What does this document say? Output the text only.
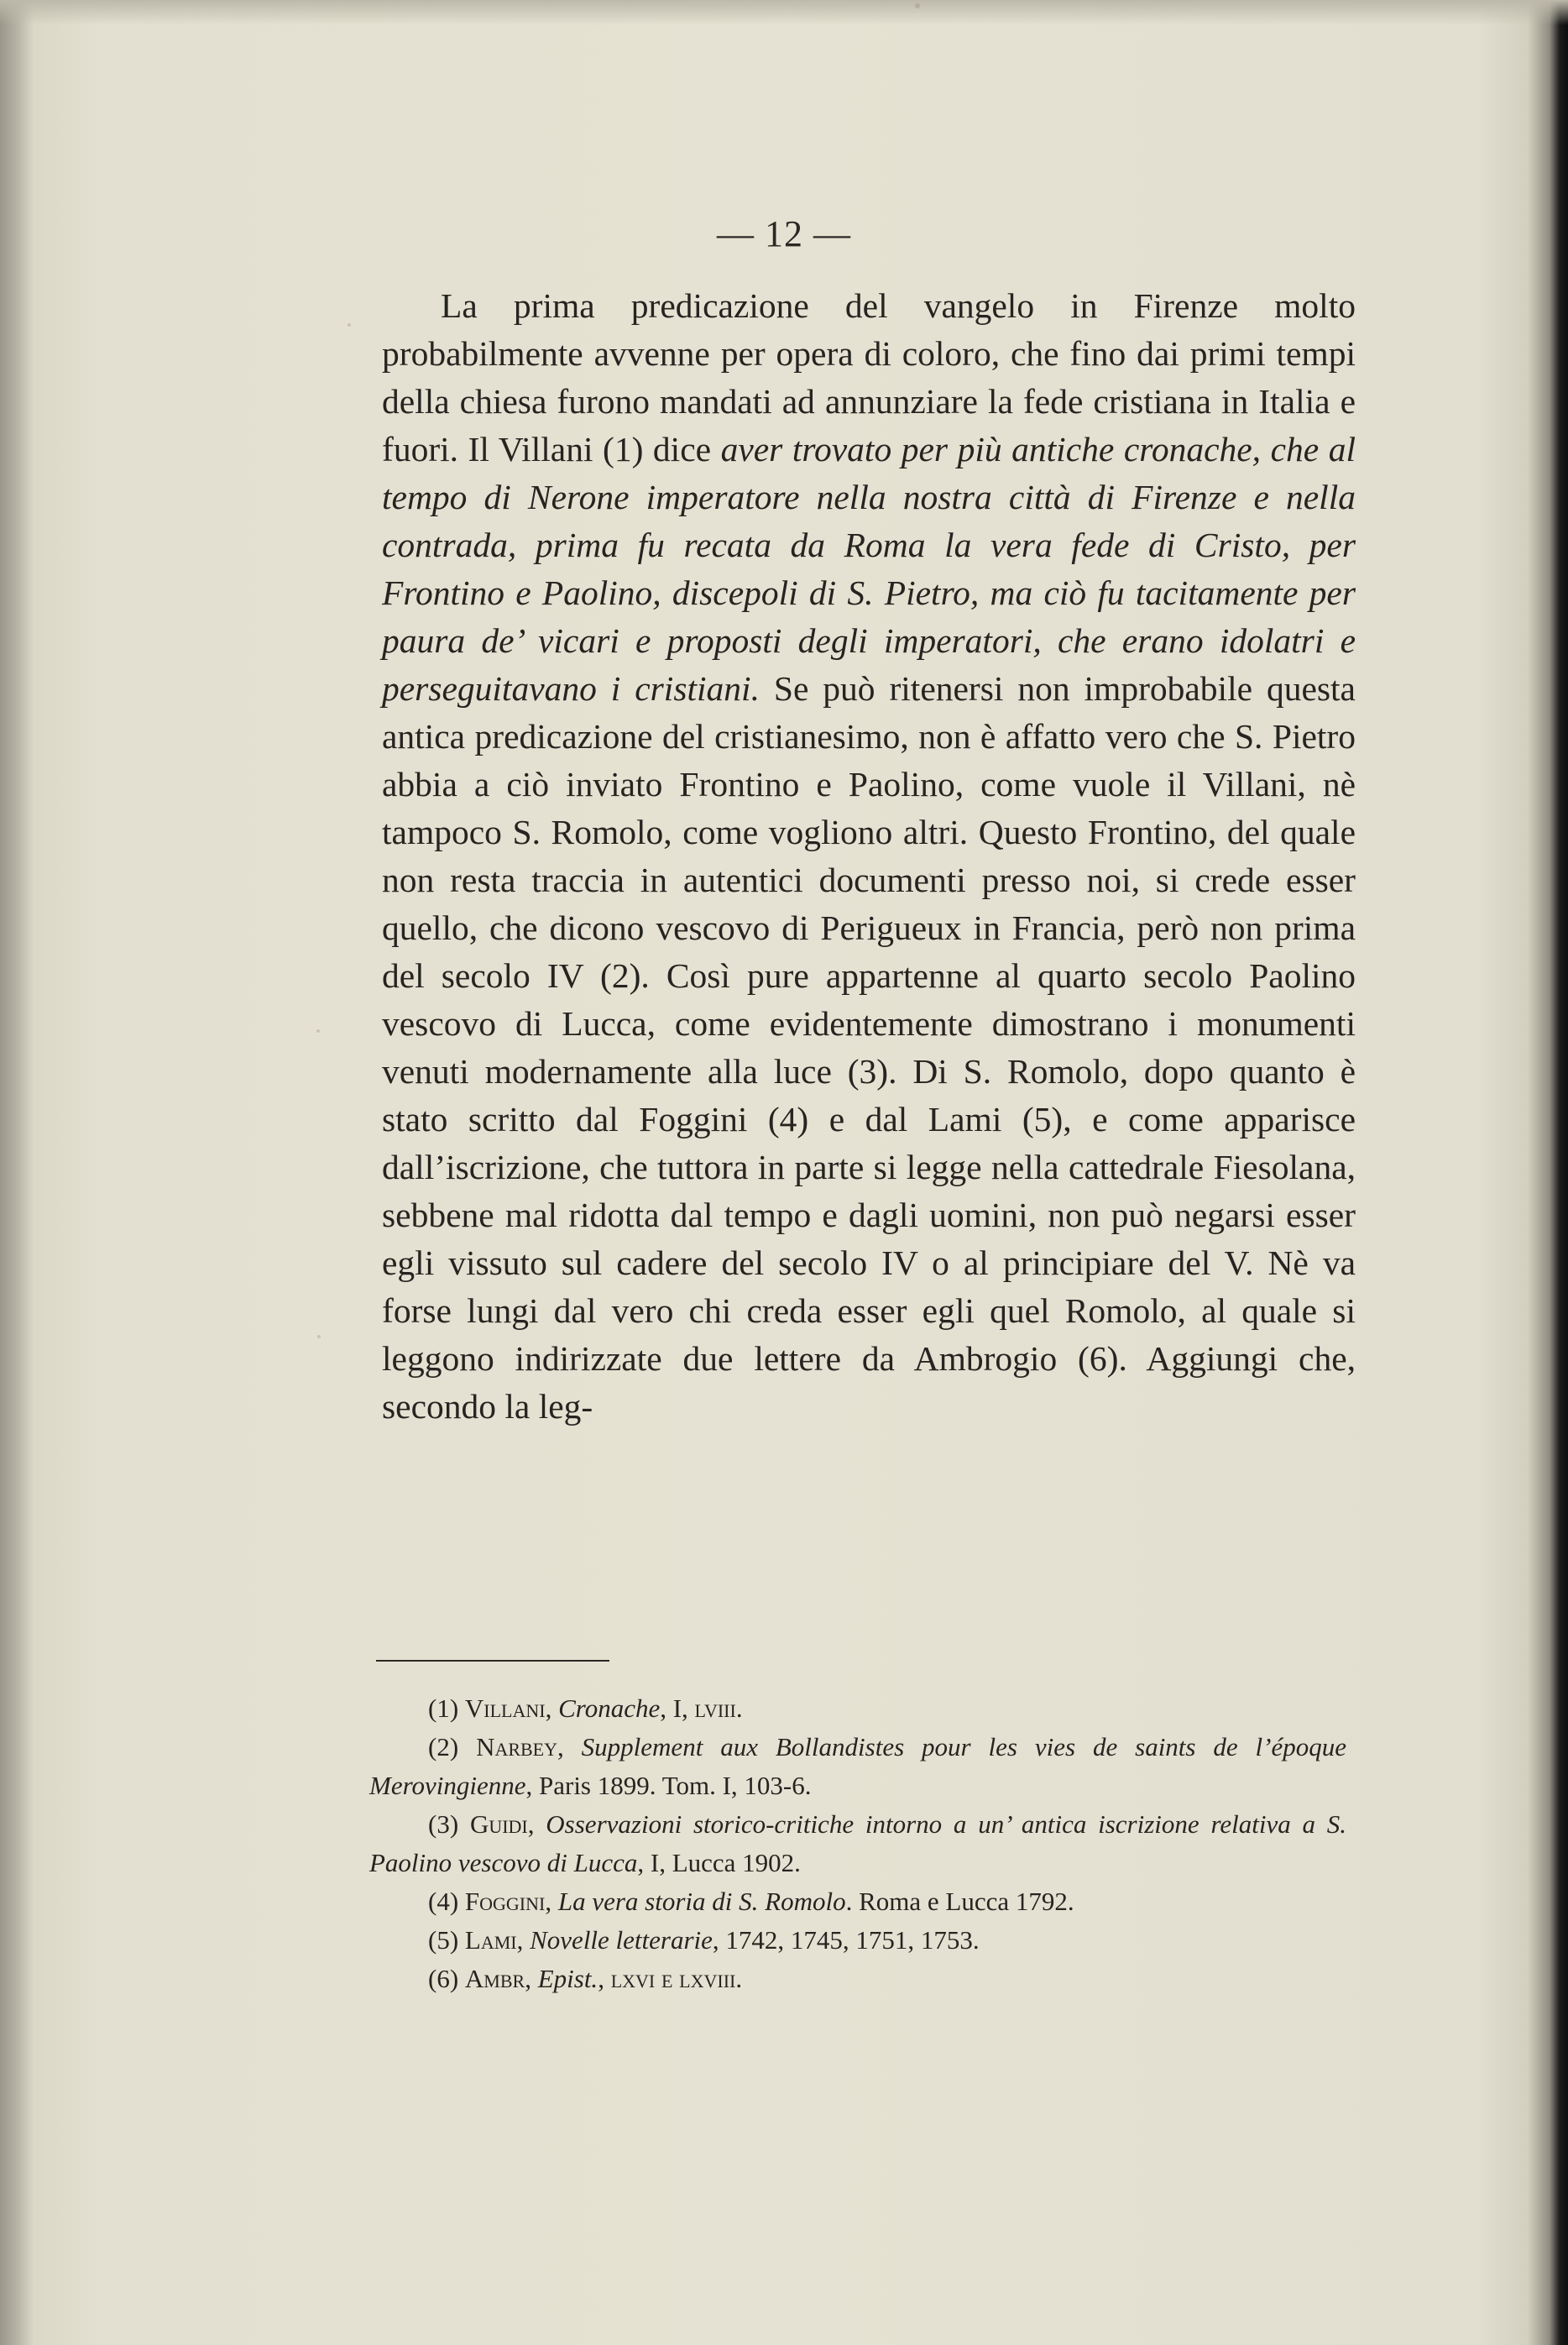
— 12 —
La prima predicazione del vangelo in Firenze molto probabilmente avvenne per opera di coloro, che fino dai primi tempi della chiesa furono mandati ad annunziare la fede cristiana in Italia e fuori. Il Villani (1) dice aver trovato per più antiche cronache, che al tempo di Nerone imperatore nella nostra città di Firenze e nella contrada, prima fu recata da Roma la vera fede di Cristo, per Frontino e Paolino, discepoli di S. Pietro, ma ciò fu tacitamente per paura de’ vicari e proposti degli imperatori, che erano idolatri e perseguitavano i cristiani. Se può ritenersi non improbabile questa antica predicazione del cristianesimo, non è affatto vero che S. Pietro abbia a ciò inviato Frontino e Paolino, come vuole il Villani, nè tampoco S. Romolo, come vogliono altri. Questo Frontino, del quale non resta traccia in autentici documenti presso noi, si crede esser quello, che dicono vescovo di Perigueux in Francia, però non prima del secolo IV (2). Così pure appartenne al quarto secolo Paolino vescovo di Lucca, come evidentemente dimostrano i monumenti venuti modernamente alla luce (3). Di S. Romolo, dopo quanto è stato scritto dal Foggini (4) e dal Lami (5), e come apparisce dall’iscrizione, che tuttora in parte si legge nella cattedrale Fiesolana, sebbene mal ridotta dal tempo e dagli uomini, non può negarsi esser egli vissuto sul cadere del secolo IV o al principiare del V. Nè va forse lungi dal vero chi creda esser egli quel Romolo, al quale si leggono indirizzate due lettere da Ambrogio (6). Aggiungi che, secondo la leg-

(1) Villani, Cronache, I, lviii.

(2) Narbey, Supplement aux Bollandistes pour les vies de saints de l’époque Merovingienne, Paris 1899. Tom. I, 103-6.

(3) Guidi, Osservazioni storico-critiche intorno a un’ antica iscrizione relativa a S. Paolino vescovo di Lucca, I, Lucca 1902.

(4) Foggini, La vera storia di S. Romolo. Roma e Lucca 1792.

(5) Lami, Novelle letterarie, 1742, 1745, 1751, 1753.

(6) Ambr, Epist., lxvi e lxviii.
